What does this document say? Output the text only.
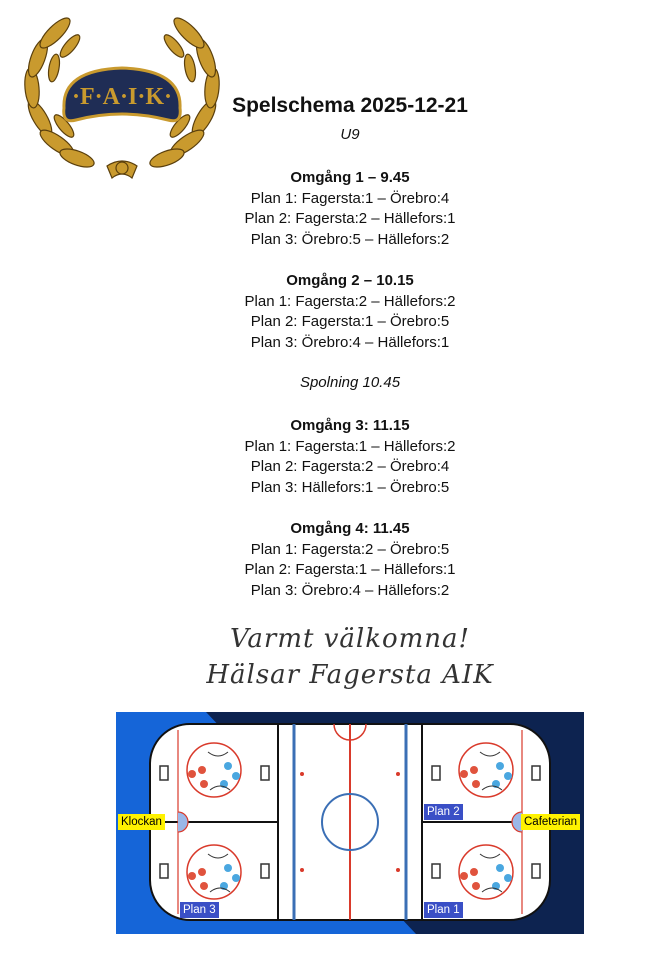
·F·A·I·K·	Spelschema 2025-12-21
U9
Omgång 1 – 9.45
Plan 1: Fagersta:1 – Örebro:4
Plan 2: Fagersta:2 – Hällefors:1
Plan 3: Örebro:5 – Hällefors:2
Omgång 2 – 10.15
Plan 1: Fagersta:2 – Hällefors:2
Plan 2: Fagersta:1 – Örebro:5
Plan 3: Örebro:4 – Hällefors:1
Spolning 10.45
Omgång 3: 11.15
Plan 1: Fagersta:1 – Hällefors:2
Plan 2: Fagersta:2 – Örebro:4
Plan 3: Hällefors:1 – Örebro:5
Omgång 4: 11.45
Plan 1: Fagersta:2 – Örebro:5
Plan 2: Fagersta:1 – Hällefors:1
Plan 3: Örebro:4 – Hällefors:2
Varmt välkomna!
Hälsar Fagersta AIK
Klockan	Cafeterian
Plan 2
Plan 1
Plan 3
